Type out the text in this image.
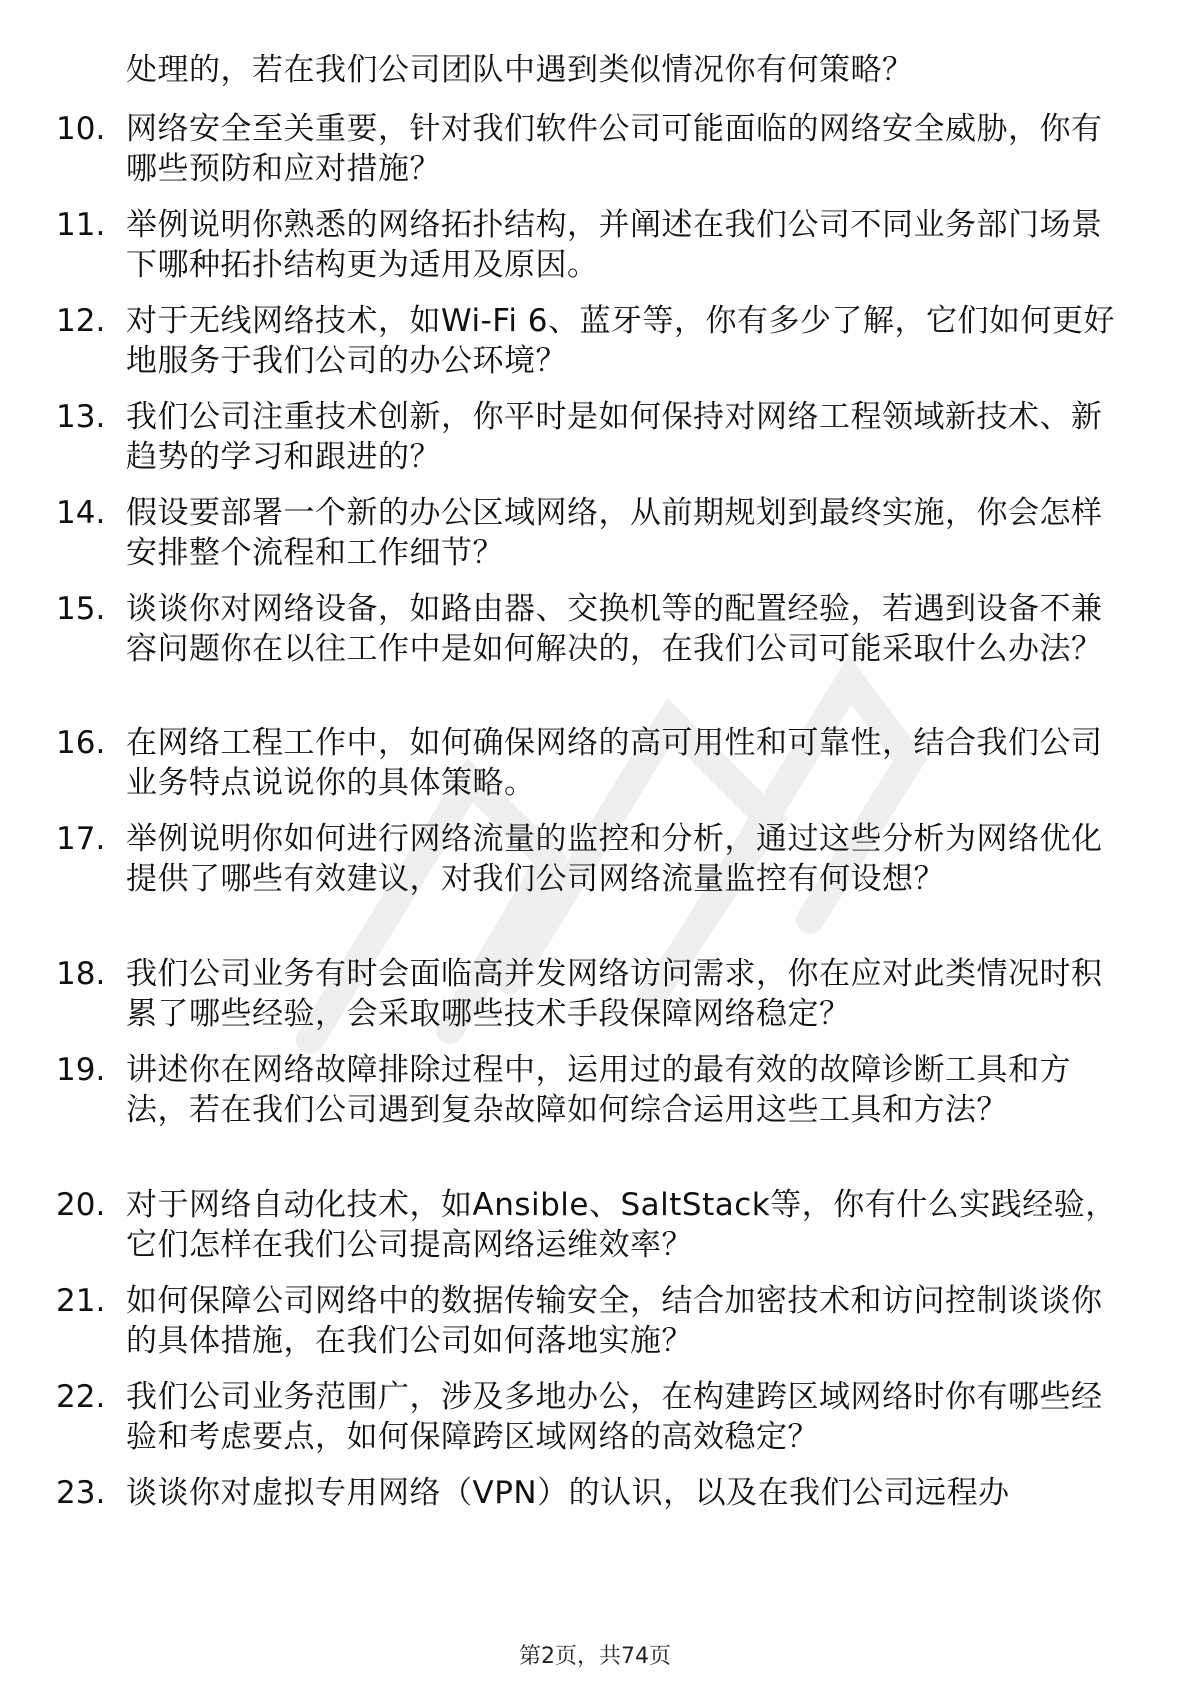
处理的，若在我们公司团队中遇到类似情况你有何策略？
10. 网络安全至关重要，针对我们软件公司可能面临的网络安全威胁，你有哪些预防和应对措施？
11. 举例说明你熟悉的网络拓扑结构，并阐述在我们公司不同业务部门场景下哪种拓扑结构更为适用及原因。
12. 对于无线网络技术，如Wi-Fi 6、蓝牙等，你有多少了解，它们如何更好地服务于我们公司的办公环境？
13. 我们公司注重技术创新，你平时是如何保持对网络工程领域新技术、新趋势的学习和跟进的？
14. 假设要部署一个新的办公区域网络，从前期规划到最终实施，你会怎样安排整个流程和工作细节？
15. 谈谈你对网络设备，如路由器、交换机等的配置经验，若遇到设备不兼容问题你在以往工作中是如何解决的，在我们公司可能采取什么办法？
16. 在网络工程工作中，如何确保网络的高可用性和可靠性，结合我们公司业务特点说说你的具体策略。
17. 举例说明你如何进行网络流量的监控和分析，通过这些分析为网络优化提供了哪些有效建议，对我们公司网络流量监控有何设想？
18. 我们公司业务有时会面临高并发网络访问需求，你在应对此类情况时积累了哪些经验，会采取哪些技术手段保障网络稳定？
19. 讲述你在网络故障排除过程中，运用过的最有效的故障诊断工具和方法，若在我们公司遇到复杂故障如何综合运用这些工具和方法？
20. 对于网络自动化技术，如Ansible、SaltStack等，你有什么实践经验，它们怎样在我们公司提高网络运维效率？
21. 如何保障公司网络中的数据传输安全，结合加密技术和访问控制谈谈你的具体措施，在我们公司如何落地实施？
22. 我们公司业务范围广，涉及多地办公，在构建跨区域网络时你有哪些经验和考虑要点，如何保障跨区域网络的高效稳定？
23. 谈谈你对虚拟专用网络（VPN）的认识，以及在我们公司远程办
第2页，共74页
